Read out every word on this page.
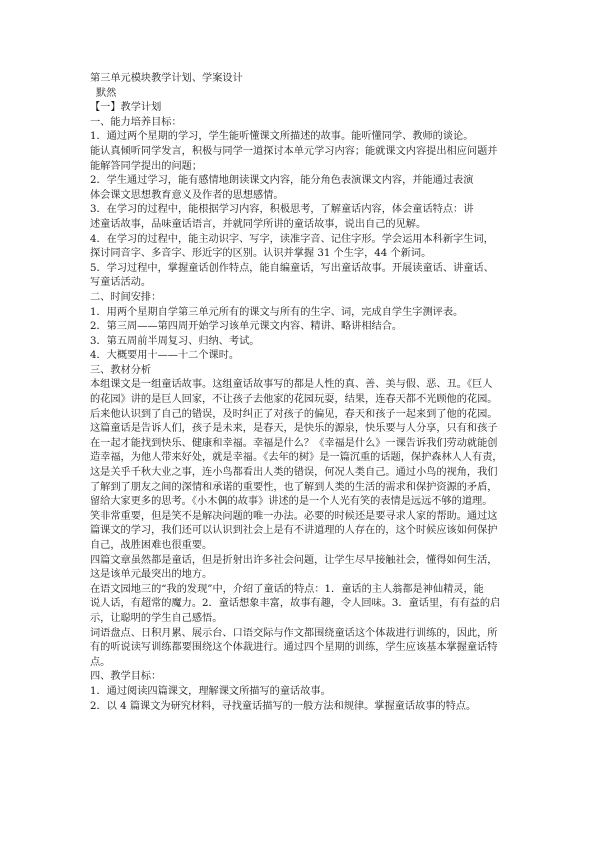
第三单元模块教学计划、学案设计
默然
【一】教学计划
一、能力培养目标：
1．通过两个星期的学习，学生能听懂课文所描述的故事。能听懂同学、教师的谈论。
能认真倾听同学发言，积极与同学一道探讨本单元学习内容；能就课文内容提出相应问题并
能解答同学提出的问题；
2．学生通过学习，能有感情地朗读课文内容，能分角色表演课文内容，并能通过表演
体会课文思想教育意义及作者的思想感情。
3．在学习的过程中，能根据学习内容，积极思考，了解童话内容，体会童话特点：讲
述童话故事，品味童话语言，并就同学所讲的童话故事，说出自己的见解。
4．在学习的过程中，能主动识字、写字，读准字音、记住字形。学会运用本科新字生词，
探讨同音字、多音字、形近字的区别。认识并掌握 31 个生字，44 个新词。
5．学习过程中，掌握童话创作特点，能自编童话，写出童话故事。开展读童话、讲童话、
写童话活动。
二、时间安排：
1．用两个星期自学第三单元所有的课文与所有的生字、词，完成自学生字测评表。
2．第三周——第四周开始学习该单元课文内容、精讲、略讲相结合。
3．第五周前半周复习、归纳、考试。
4．大概要用十——十二个课时。
三、教材分析
本组课文是一组童话故事。这组童话故事写的都是人性的真、善、美与假、恶、丑。《巨人
的花园》讲的是巨人回家，不让孩子去他家的花园玩耍，结果，连春天都不光顾他的花园。
后来他认识到了自己的错误，及时纠正了对孩子的偏见，春天和孩子一起来到了他的花园。
这篇童话是告诉人们，孩子是未来，是春天，是快乐的源泉，快乐要与人分享，只有和孩子
在一起才能找到快乐、健康和幸福。幸福是什么？《幸福是什么》一课告诉我们劳动就能创
造幸福，为他人带来好处，就是幸福。《去年的树》是一篇沉重的话题，保护森林人人有责，
这是关乎千秋大业之事，连小鸟都看出人类的错误，何况人类自己。通过小鸟的视角，我们
了解到了朋友之间的深情和承诺的重要性，也了解到人类的生活的需求和保护资源的矛盾，
留给大家更多的思考。《小木偶的故事》讲述的是一个人光有笑的表情是远远不够的道理。
笑非常重要，但是笑不是解决问题的唯一办法。必要的时候还是要寻求人家的帮助。通过这
篇课文的学习，我们还可以认识到社会上是有不讲道理的人存在的，这个时候应该如何保护
自己，战胜困难也很重要。
四篇文章虽然都是童话，但是折射出许多社会问题，让学生尽早接触社会，懂得如何生活，
这是该单元最突出的地方。
在语文园地三的“我的发现”中，介绍了童话的特点：1．童话的主人翁都是神仙精灵，能
说人话，有超常的魔力。2．童话想象丰富，故事有趣，令人回味。3．童话里，有有益的启
示，让聪明的学生自己感悟。
词语盘点、日积月累、展示台、口语交际与作文都围绕童话这个体裁进行训练的，因此，所
有的听说读写训练都要围绕这个体裁进行。通过四个星期的训练，学生应该基本掌握童话特
点。
四、教学目标：
1．通过阅读四篇课文，理解课文所描写的童话故事。
2．以 4 篇课文为研究材料，寻找童话描写的一般方法和规律。掌握童话故事的特点。
